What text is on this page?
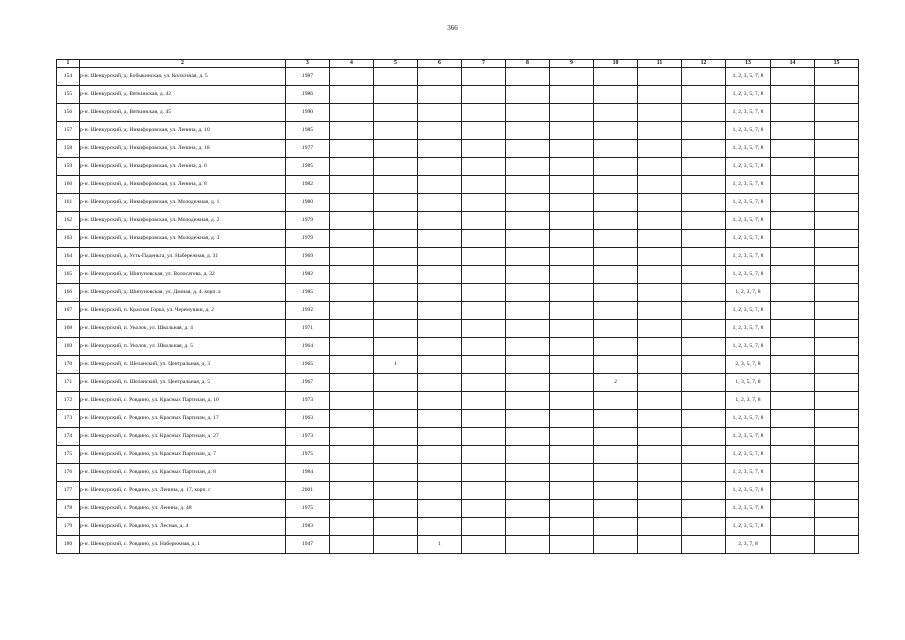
366
1	2	3	4	5	6	7	8	9	10	11	12	13	14	15
154	р-н. Шенкурский, д. Бобыкинская, ул. Колхозная, д. 5	1987										1, 2, 3, 5, 7, 8		
155	р-н. Шенкурский, д. Вяткинская, д. 42	1986										1, 2, 3, 5, 7, 8		
156	р-н. Шенкурский, д. Вяткинская, д. 45	1990										1, 2, 3, 5, 7, 8		
157	р-н. Шенкурский, д. Никифоровская, ул. Ленина, д. 10	1985										1, 2, 3, 5, 7, 8		
158	р-н. Шенкурский, д. Никифоровская, ул. Ленина, д. 18	1977										1, 2, 3, 5, 7, 8		
159	р-н. Шенкурский, д. Никифоровская, ул. Ленина, д. 6	1985										1, 2, 3, 5, 7, 8		
160	р-н. Шенкурский, д. Никифоровская, ул. Ленина, д. 8	1982										1, 2, 3, 5, 7, 8		
161	р-н. Шенкурский, д. Никифоровская, ул. Молодежная, д. 1	1980										1, 2, 3, 5, 7, 8		
162	р-н. Шенкурский, д. Никифоровская, ул. Молодежная, д. 2	1979										1, 2, 3, 5, 7, 8		
163	р-н. Шенкурский, д. Никифоровская, ул. Молодежная, д. 3	1979										1, 2, 3, 5, 7, 8		
164	р-н. Шенкурский, д. Усть-Паденьга, ул. Набережная, д. 31	1969										1, 2, 3, 5, 7, 8		
165	р-н. Шенкурский, д. Шипуновская, ул. Волосатова, д. 32	1982										1, 2, 3, 5, 7, 8		
166	р-н. Шенкурский, д. Шипуновская, ул. Дачная, д. 4, корп. а	1985										1, 2, 3, 7, 8		
167	р-н. Шенкурский, п. Красная Горка, ул. Черемушки, д. 2	1992										1, 2, 3, 5, 7, 8		
168	р-н. Шенкурский, п. Уколок, ул. Школьная, д. 4	1971										1, 2, 3, 5, 7, 8		
169	р-н. Шенкурский, п. Уколок, ул. Школьная, д. 5	1964										1, 2, 3, 5, 7, 8		
170	р-н. Шенкурский, п. Шеланский, ул. Центральная, д. 3	1965		1								2, 3, 5, 7, 8		
171	р-н. Шенкурский, п. Шеланский, ул. Центральная, д. 5	1967							2			1, 3, 5, 7, 8		
172	р-н. Шенкурский, с. Ровдино, ул. Красных Партизан, д. 10	1973										1, 2, 3, 7, 8		
173	р-н. Шенкурский, с. Ровдино, ул. Красных Партизан, д. 17	1963										1, 2, 3, 5, 7, 8		
174	р-н. Шенкурский, с. Ровдино, ул. Красных Партизан, д. 27	1973										1, 2, 3, 5, 7, 8		
175	р-н. Шенкурский, с. Ровдино, ул. Красных Партизан, д. 7	1975										1, 2, 3, 5, 7, 8		
176	р-н. Шенкурский, с. Ровдино, ул. Красных Партизан, д. 8	1984										1, 2, 3, 5, 7, 8		
177	р-н. Шенкурский, с. Ровдино, ул. Ленина, д. 17, корп. г	2001										1, 2, 3, 5, 7, 8		
178	р-н. Шенкурский, с. Ровдино, ул. Ленина, д. 48	1975										1, 2, 3, 5, 7, 8		
179	р-н. Шенкурский, с. Ровдино, ул. Лесная, д. 4	1983										1, 2, 3, 5, 7, 8		
180	р-н. Шенкурский, с. Ровдино, ул. Набережная, д. 1	1947			1							2, 3, 7, 8		
